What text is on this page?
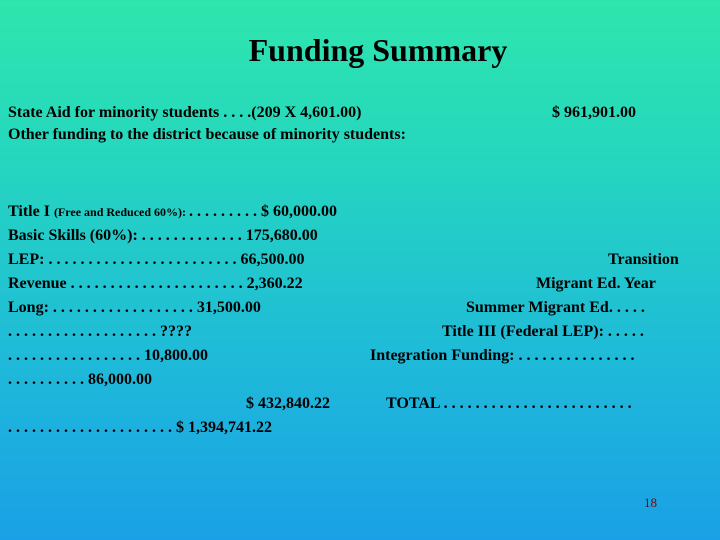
Funding Summary
State Aid for minority students . . . .(209 X 4,601.00)	$ 961,901.00
Other funding to the district because of minority students:
Title I (Free and Reduced 60%): . . . . . . . . . $ 60,000.00
Basic Skills (60%): . . . . . . . . . . . . . 175,680.00
LEP: . . . . . . . . . . . . . . . . . . . . . . . . 66,500.00	Transition
Revenue . . . . . . . . . . . . . . . . . . . . . . 2,360.22	Migrant Ed. Year
Long: . . . . . . . . . . . . . . . . . . 31,500.00	Summer Migrant Ed. . . . .
. . . . . . . . . . . . . . . . . . . ????	Title III (Federal LEP): . . . . .
. . . . . . . . . . . . . . . . . 10,800.00	Integration Funding: . . . . . . . . . . . . . . .
. . . . . . . . . . 86,000.00
$ 432,840.22	TOTAL . . . . . . . . . . . . . . . . . . . . . . . .
. . . . . . . . . . . . . . . . . . . . . $ 1,394,741.22
18
